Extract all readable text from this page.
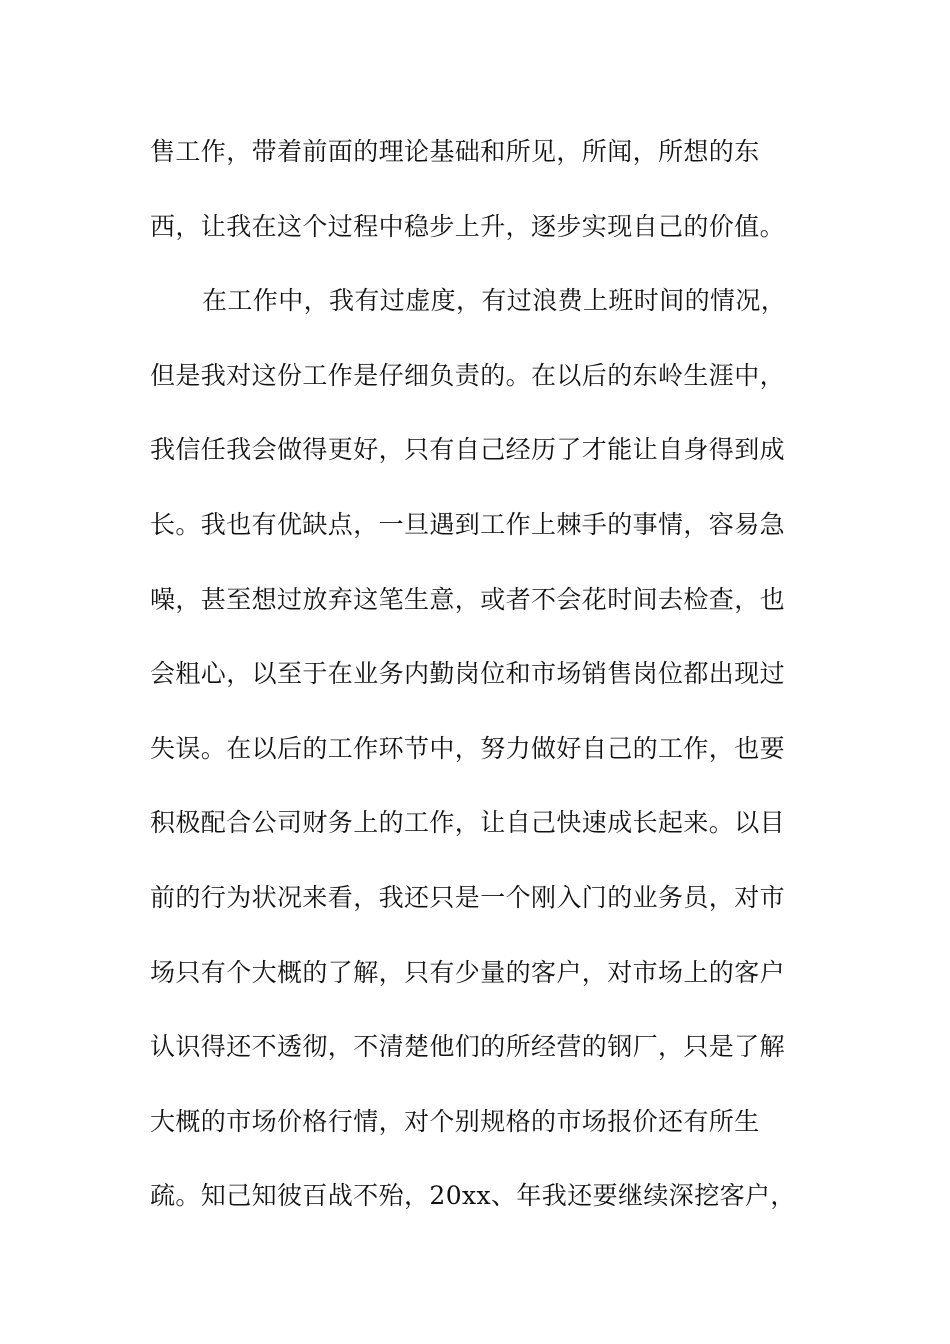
售工作，带着前面的理论基础和所见，所闻，所想的东
西，让我在这个过程中稳步上升，逐步实现自己的价值。
在工作中，我有过虚度，有过浪费上班时间的情况，
但是我对这份工作是仔细负责的。在以后的东岭生涯中，
我信任我会做得更好，只有自己经历了才能让自身得到成
长。我也有优缺点，一旦遇到工作上棘手的事情，容易急
噪，甚至想过放弃这笔生意，或者不会花时间去检查，也
会粗心，以至于在业务内勤岗位和市场销售岗位都出现过
失误。在以后的工作环节中，努力做好自己的工作，也要
积极配合公司财务上的工作，让自己快速成长起来。以目
前的行为状况来看，我还只是一个刚入门的业务员，对市
场只有个大概的了解，只有少量的客户，对市场上的客户
认识得还不透彻，不清楚他们的所经营的钢厂，只是了解
大概的市场价格行情，对个别规格的市场报价还有所生
疏。知己知彼百战不殆，20xx、年我还要继续深挖客户，
